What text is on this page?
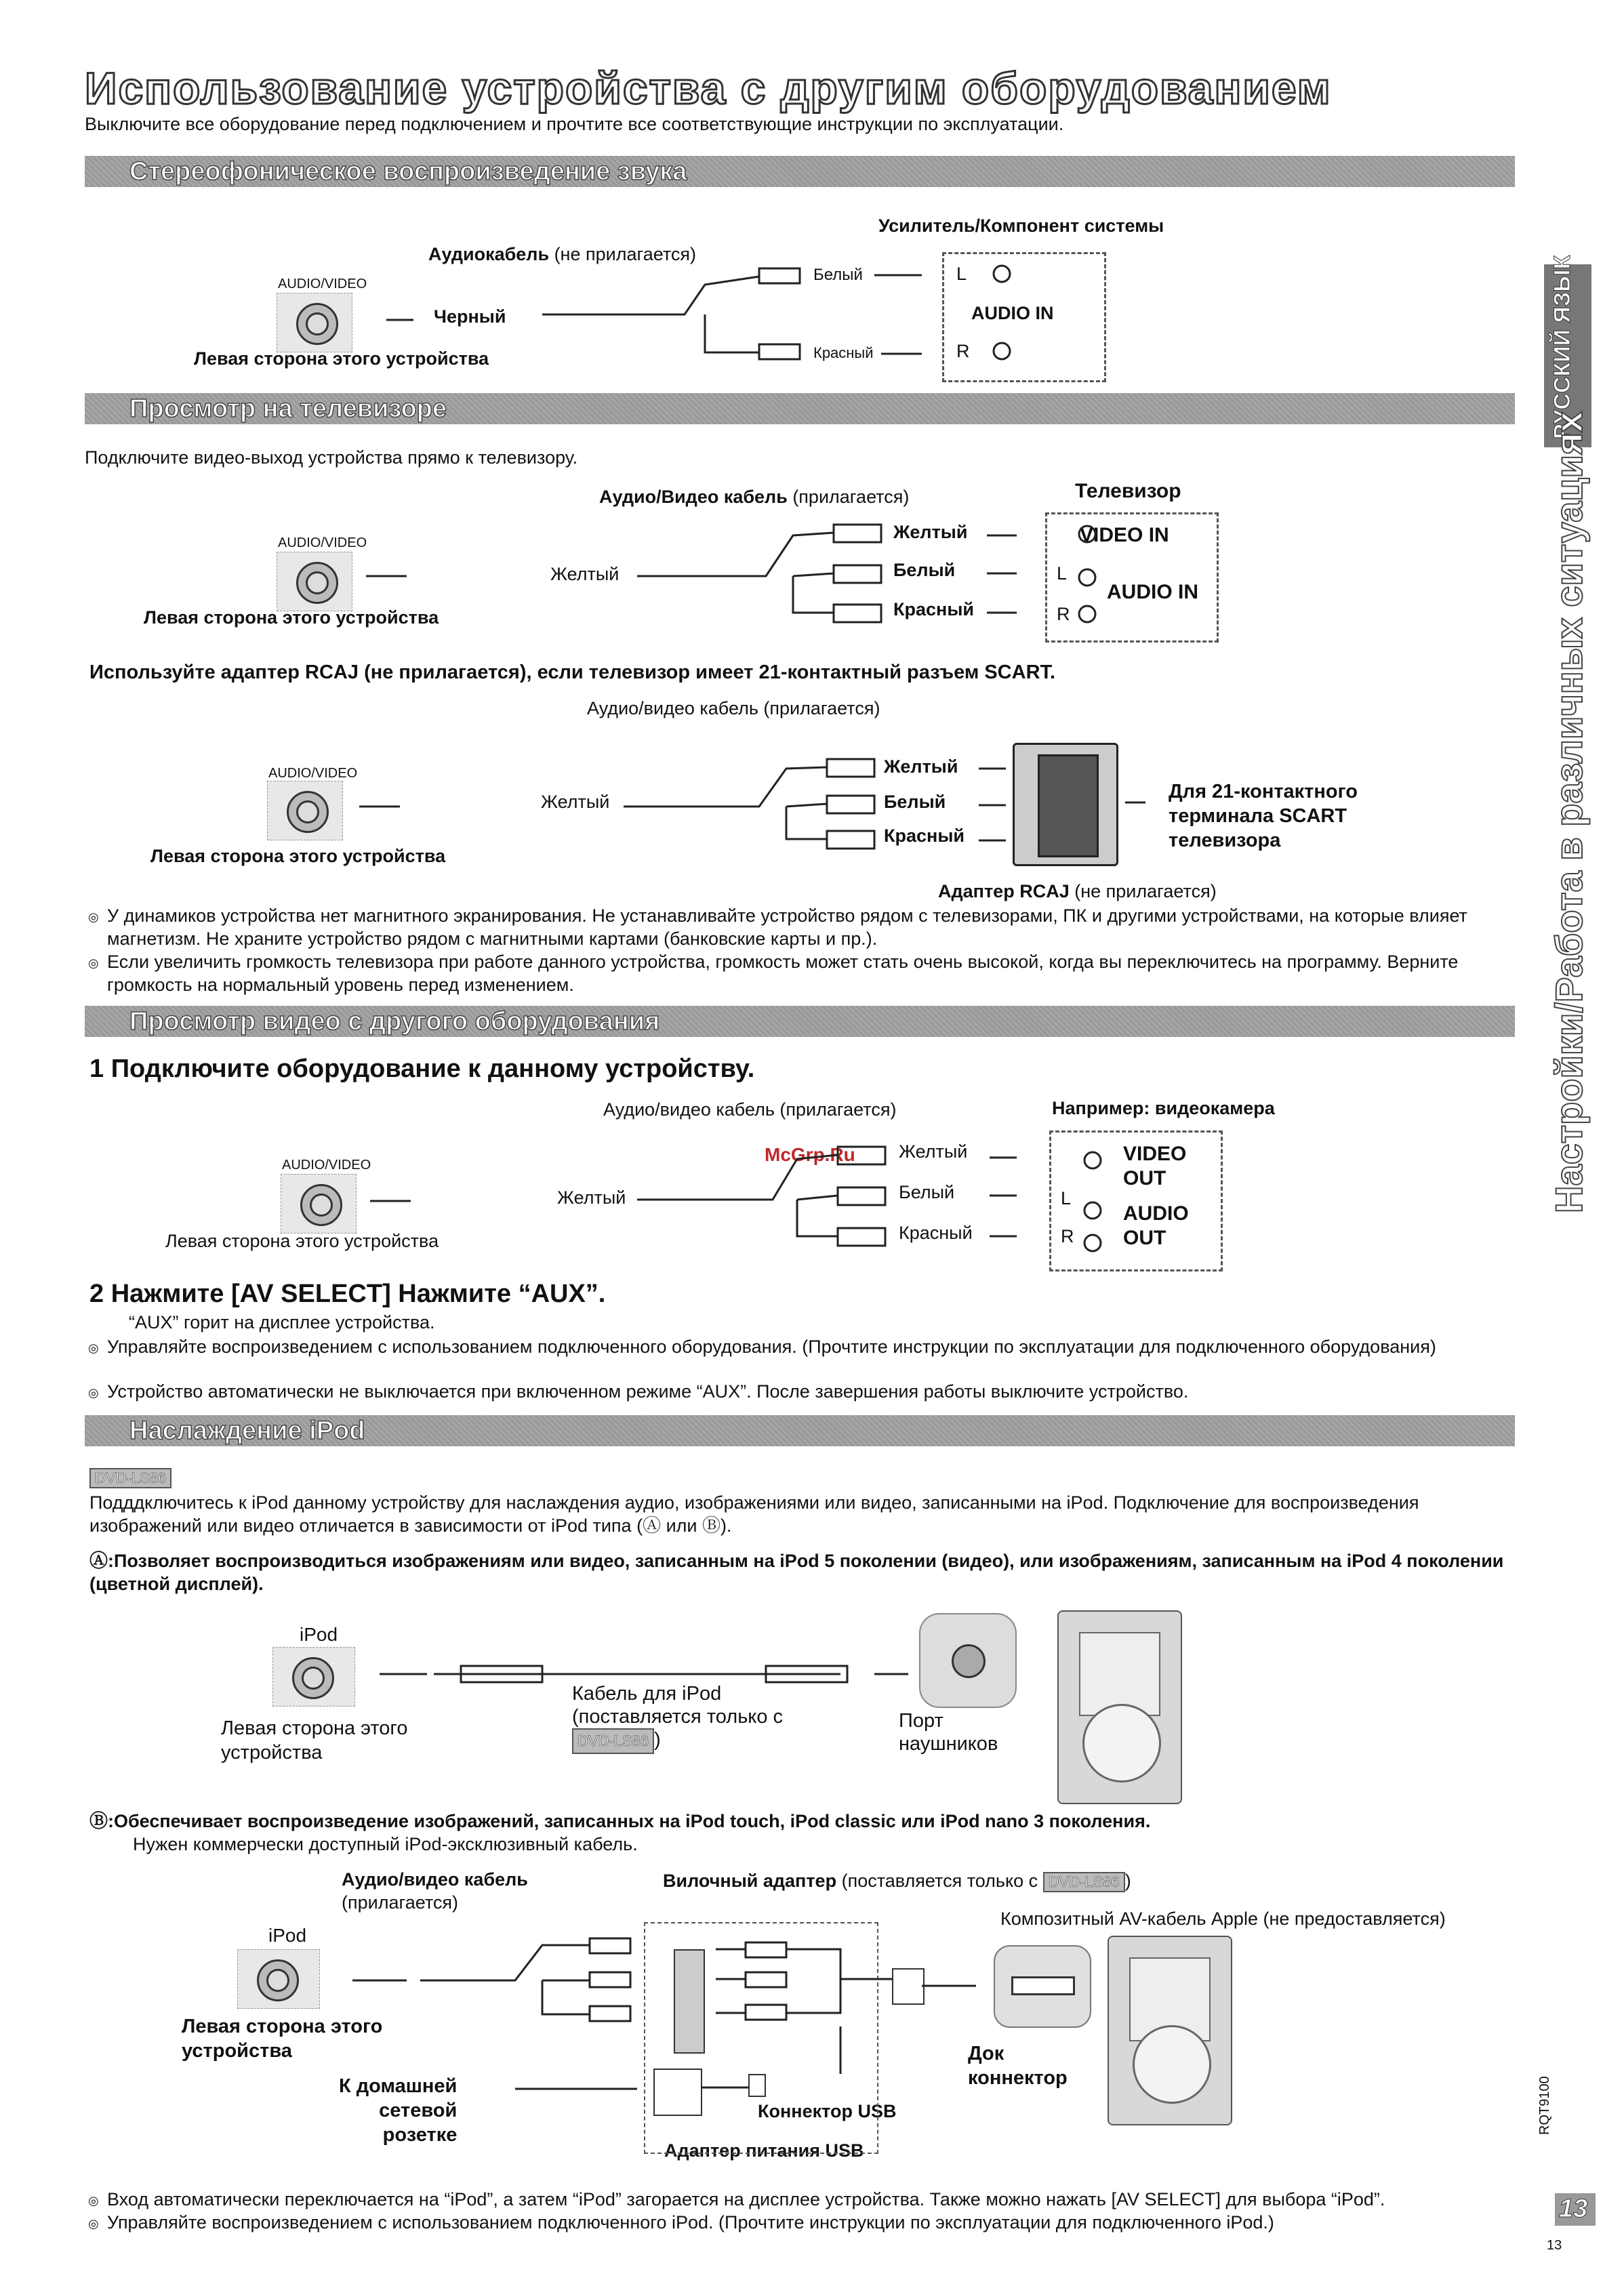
Использование устройства с другим оборудованием
Выключите все оборудование перед подключением и прочтите все соответствующие инструкции по эксплуатации.
РУССКИЙ ЯЗЫК
Настройки/Работа в различных ситуациях
Стереофоническое воспроизведение звука
Усилитель/Компонент системы
Аудиокабель (не прилагается)
AUDIO/VIDEO
Черный
Левая сторона этого устройства
Белый
Красный
L
AUDIO IN
R
Просмотр на телевизоре
Подключите видео-выход устройства прямо к телевизору.
Аудио/Видео кабель (прилагается)	Телевизор
AUDIO/VIDEO
Желтый
Левая сторона этого устройства
Желтый
Белый
Красный
VIDEO IN
L
AUDIO IN
R
Используйте адаптер RCAJ (не прилагается), если телевизор имеет 21-контактный разъем SCART.
Аудио/видео кабель (прилагается)
AUDIO/VIDEO
Желтый
Левая сторона этого устройства
Желтый
Белый
Красный
Для 21-контактного
терминала SCART
телевизора
Адаптер RCAJ (не прилагается)
◎ У динамиков устройства нет магнитного экранирования. Не устанавливайте устройство рядом с телевизорами, ПК и другими устройствами, на которые влияет магнетизм. Не храните устройство рядом с магнитными картами (банковские карты и пр.).
◎ Если увеличить громкость телевизора при работе данного устройства, громкость может стать очень высокой, когда вы переключитесь на программу. Верните громкость на нормальный уровень перед изменением.
Просмотр видео с другого оборудования
1 Подключите оборудование к данному устройству.
Аудио/видео кабель (прилагается)	Например: видеокамера
McGrp.Ru
AUDIO/VIDEO
Желтый
Левая сторона этого устройства
Желтый
Белый
Красный
VIDEO
OUT
L
AUDIO
OUT
R
2 Нажмите [AV SELECT] Нажмите “AUX”.
“AUX” горит на дисплее устройства.
◎ Управляйте воспроизведением с использованием подключенного оборудования. (Прочтите инструкции по эксплуатации для подключенного оборудования)
◎ Устройство автоматически не выключается при включенном режиме “AUX”. После завершения работы выключите устройство.
Наслаждение iPod
DVD-LS86
Подддключитесь к iPod данному устройству для наслаждения аудио, изображениями или видео, записанными на iPod. Подключение для воспроизведения изображений или видео отличается в зависимости от iPod типа (Ⓐ или Ⓑ).
Ⓐ:Позволяет воспроизводиться изображениям или видео, записанным на iPod 5 поколении (видео), или изображениям, записанным на iPod 4 поколении (цветной дисплей).
iPod
Левая сторона этого
устройства
Кабель для iPod
(поставляется только с
DVD-LS86 )
Порт
наушников
Ⓑ:Обеспечивает воспроизведение изображений, записанных на iPod touch, iPod classic или iPod nano 3 поколения.
Нужен коммерчески доступный iPod-эксклюзивный кабель.
Аудио/видео кабель
(прилагается)
Вилочный адаптер (поставляется только с DVD-LS86 )
Композитный AV-кабель Apple (не предоставляется)
iPod
Левая сторона этого
устройства
К домашней
сетевой
розетке
Коннектор USB
Адаптер питания USB
Док
коннектор
◎ Вход автоматически переключается на “iPod”, а затем “iPod” загорается на дисплее устройства. Также можно нажать [AV SELECT] для выбора “iPod”.
◎ Управляйте воспроизведением с использованием подключенного iPod. (Прочтите инструкции по эксплуатации для подключенного iPod.)
RQT9100
13
13
